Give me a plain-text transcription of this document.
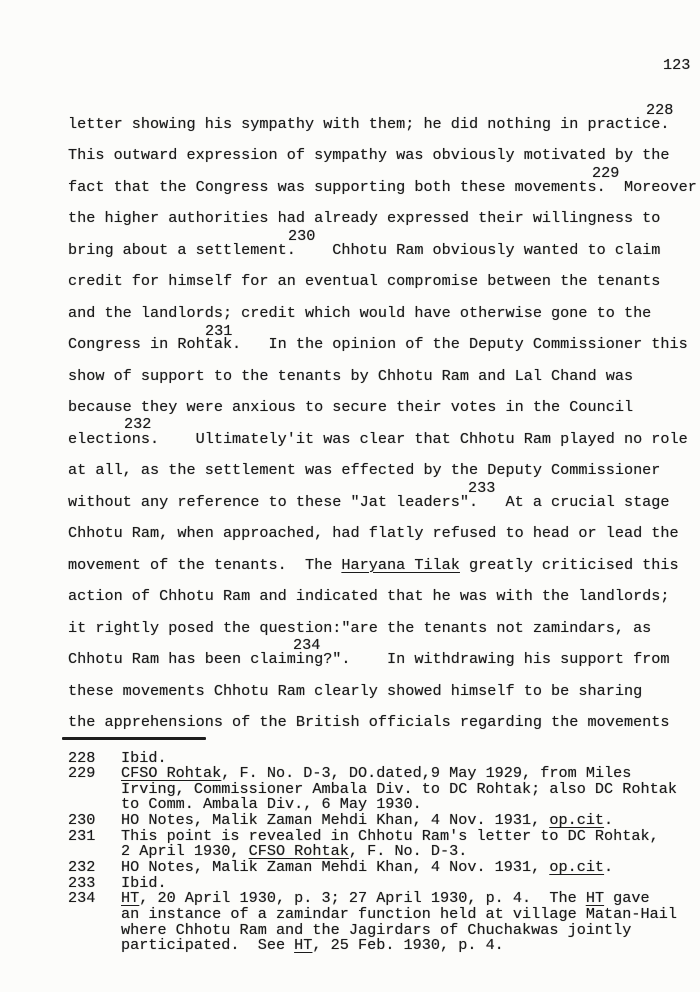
123
letter showing his sympathy with them; he did nothing in practice.
This outward expression of sympathy was obviously motivated by the
fact that the Congress was supporting both these movements.  Moreover
the higher authorities had already expressed their willingness to
bring about a settlement.    Chhotu Ram obviously wanted to claim
credit for himself for an eventual compromise between the tenants
and the landlords; credit which would have otherwise gone to the
Congress in Rohtak.   In the opinion of the Deputy Commissioner this
show of support to the tenants by Chhotu Ram and Lal Chand was
because they were anxious to secure their votes in the Council
elections.    Ultimately'it was clear that Chhotu Ram played no role
at all, as the settlement was effected by the Deputy Commissioner
without any reference to these "Jat leaders".   At a crucial stage
Chhotu Ram, when approached, had flatly refused to head or lead the
movement of the tenants.  The Haryana Tilak greatly criticised this
action of Chhotu Ram and indicated that he was with the landlords;
it rightly posed the question:"are the tenants not zamindars, as
Chhotu Ram has been claiming?".    In withdrawing his support from
these movements Chhotu Ram clearly showed himself to be sharing
the apprehensions of the British officials regarding the movements
228
229
230
231
232
233
234
228 Ibid.
229 CFSO Rohtak, F. No. D-3, DO.dated,9 May 1929, from Miles
Irving, Commissioner Ambala Div. to DC Rohtak; also DC Rohtak
to Comm. Ambala Div., 6 May 1930.
230 HO Notes, Malik Zaman Mehdi Khan, 4 Nov. 1931, op.cit.
231 This point is revealed in Chhotu Ram's letter to DC Rohtak,
2 April 1930, CFSO Rohtak, F. No. D-3.
232 HO Notes, Malik Zaman Mehdi Khan, 4 Nov. 1931, op.cit.
233 Ibid.
234 HT, 20 April 1930, p. 3; 27 April 1930, p. 4.  The HT gave
an instance of a zamindar function held at village Matan-Hail
where Chhotu Ram and the Jagirdars of Chuchakwas jointly
participated.  See HT, 25 Feb. 1930, p. 4.
